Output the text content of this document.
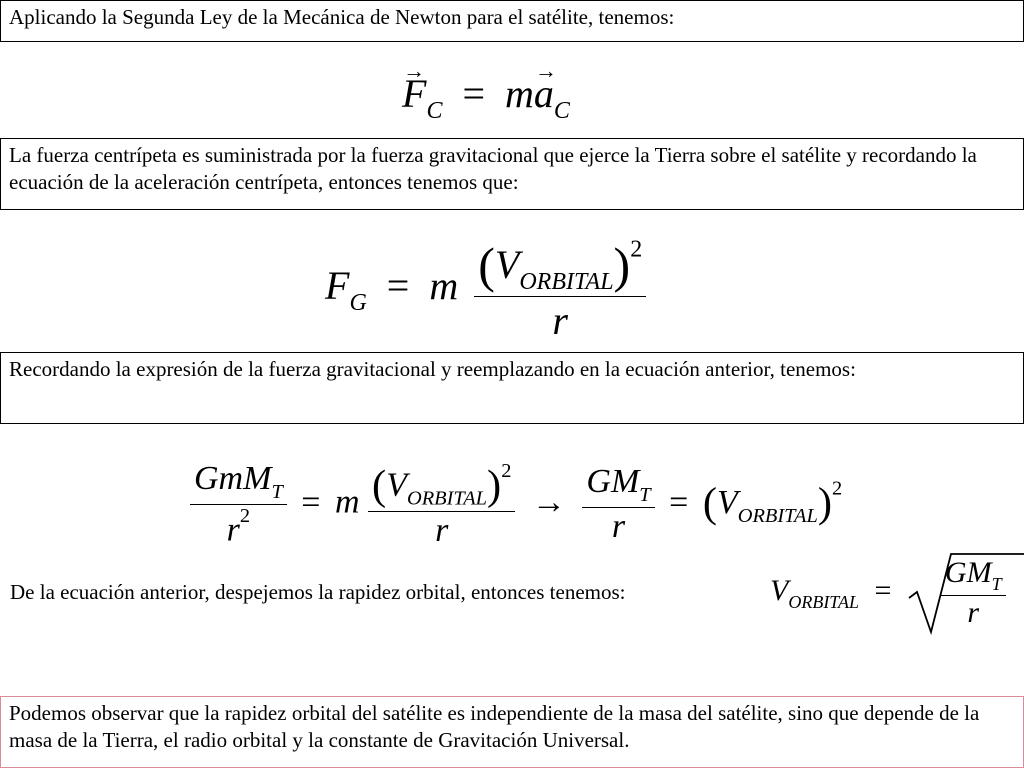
Aplicando la Segunda Ley de la Mecánica de Newton para el satélite, tenemos:
→ $F_C = m\to a_C$
La fuerza centrípeta es suministrada por la fuerza gravitacional que ejerce la Tierra sobre el satélite y recordando la ecuación de la aceleración centrípeta, entonces tenemos que:
$F_G = m \frac{(V_{ORBITAL})^2}{r}$
Recordando la expresión de la fuerza gravitacional y reemplazando en la ecuación anterior, tenemos:
$\frac{GmM_T}{r^2} = m \frac{(V_{ORBITAL})^2}{r} \to \frac{GM_T}{r} = (V_{ORBITAL})^2$
De la ecuación anterior, despejemos la rapidez orbital, entonces tenemos:	$V_{ORBITAL} = \frac{GM_T}{r}$
Podemos observar que la rapidez orbital del satélite es independiente de la masa del satélite, sino que depende de la masa de la Tierra, el radio orbital y la constante de Gravitación Universal.
